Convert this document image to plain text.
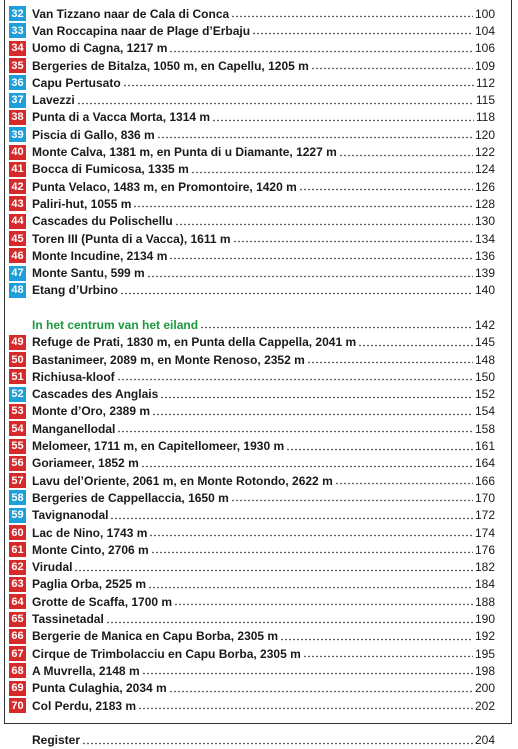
32 Van Tizzano naar de Cala di Conca	100
33 Van Roccapina naar de Plage d’Erbaju	104
34 Uomo di Cagna, 1217 m	106
35 Bergeries de Bitalza, 1050 m, en Capellu, 1205 m	109
36 Capu Pertusato	112
37 Lavezzi	115
38 Punta di a Vacca Morta, 1314 m	118
39 Piscia di Gallo, 836 m	120
40 Monte Calva, 1381 m, en Punta di u Diamante, 1227 m	122
41 Bocca di Fumicosa, 1335 m	124
42 Punta Velaco, 1483 m, en Promontoire, 1420 m	126
43 Paliri-hut, 1055 m	128
44 Cascades du Polischellu	130
45 Toren III (Punta di a Vacca), 1611 m	134
46 Monte Incudine, 2134 m	136
47 Monte Santu, 599 m	139
48 Etang d’Urbino	140
In het centrum van het eiland	142
49 Refuge de Prati, 1830 m, en Punta della Cappella, 2041 m	145
50 Bastanimeer, 2089 m, en Monte Renoso, 2352 m	148
51 Richiusa-kloof	150
52 Cascades des Anglais	152
53 Monte d’Oro, 2389 m	154
54 Manganellodal	158
55 Melomeer, 1711 m, en Capitellomeer, 1930 m	161
56 Goriameer, 1852 m	164
57 Lavu del’Oriente, 2061 m, en Monte Rotondo, 2622 m	166
58 Bergeries de Cappellaccia, 1650 m	170
59 Tavignanodal	172
60 Lac de Nino, 1743 m	174
61 Monte Cinto, 2706 m	176
62 Virudal	182
63 Paglia Orba, 2525 m	184
64 Grotte de Scaffa, 1700 m	188
65 Tassinetadal	190
66 Bergerie de Manica en Capu Borba, 2305 m	192
67 Cirque de Trimbolacciu en Capu Borba, 2305 m	195
68 A Muvrella, 2148 m	198
69 Punta Culaghia, 2034 m	200
70 Col Perdu, 2183 m	202
Register	204
